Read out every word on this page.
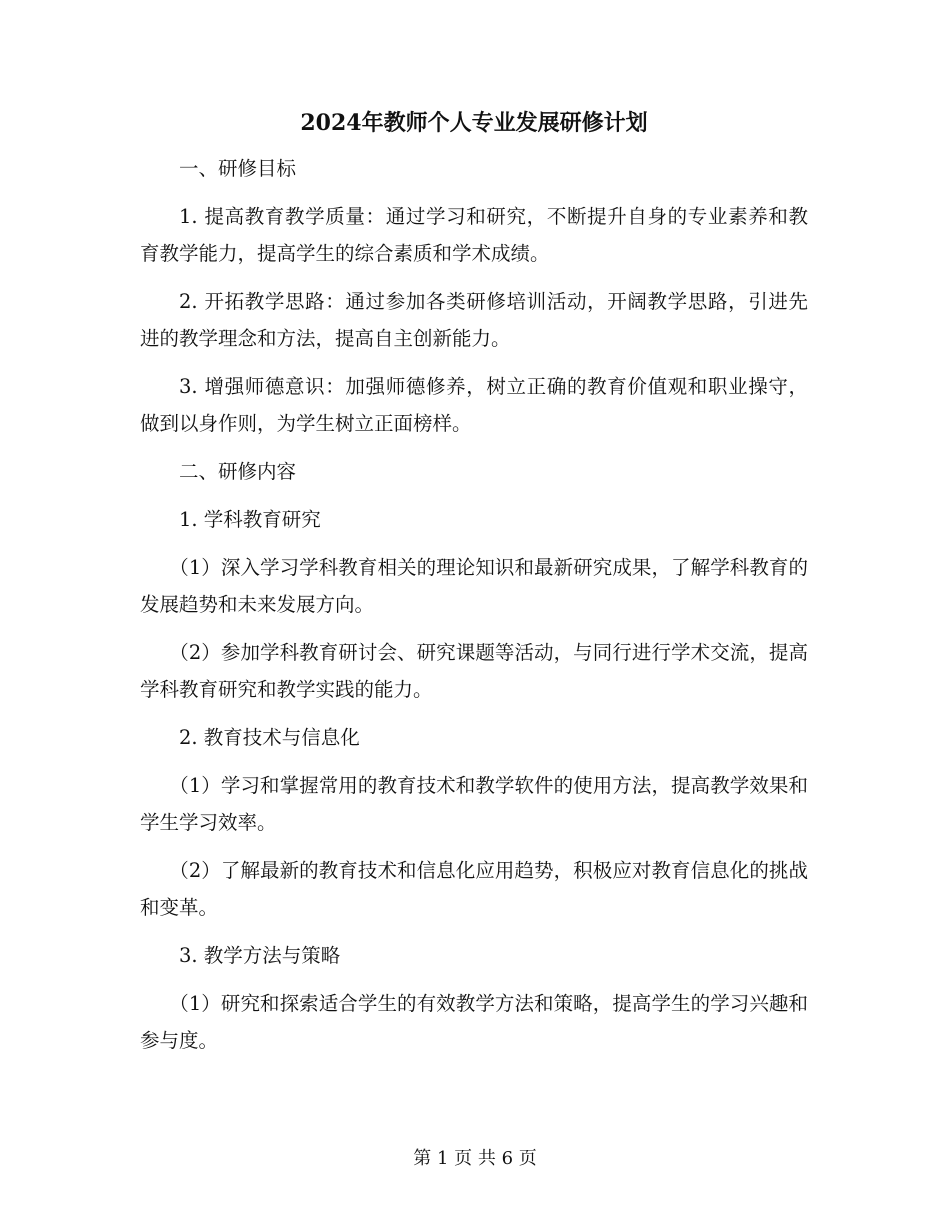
2024年教师个人专业发展研修计划

一、研修目标

1. 提高教育教学质量：通过学习和研究，不断提升自身的专业素养和教育教学能力，提高学生的综合素质和学术成绩。

2. 开拓教学思路：通过参加各类研修培训活动，开阔教学思路，引进先进的教学理念和方法，提高自主创新能力。

3. 增强师德意识：加强师德修养，树立正确的教育价值观和职业操守，做到以身作则，为学生树立正面榜样。

二、研修内容

1. 学科教育研究

（1）深入学习学科教育相关的理论知识和最新研究成果，了解学科教育的发展趋势和未来发展方向。

（2）参加学科教育研讨会、研究课题等活动，与同行进行学术交流，提高学科教育研究和教学实践的能力。

2. 教育技术与信息化

（1）学习和掌握常用的教育技术和教学软件的使用方法，提高教学效果和学生学习效率。

（2）了解最新的教育技术和信息化应用趋势，积极应对教育信息化的挑战和变革。

3. 教学方法与策略

（1）研究和探索适合学生的有效教学方法和策略，提高学生的学习兴趣和参与度。

第 1 页 共 6 页
